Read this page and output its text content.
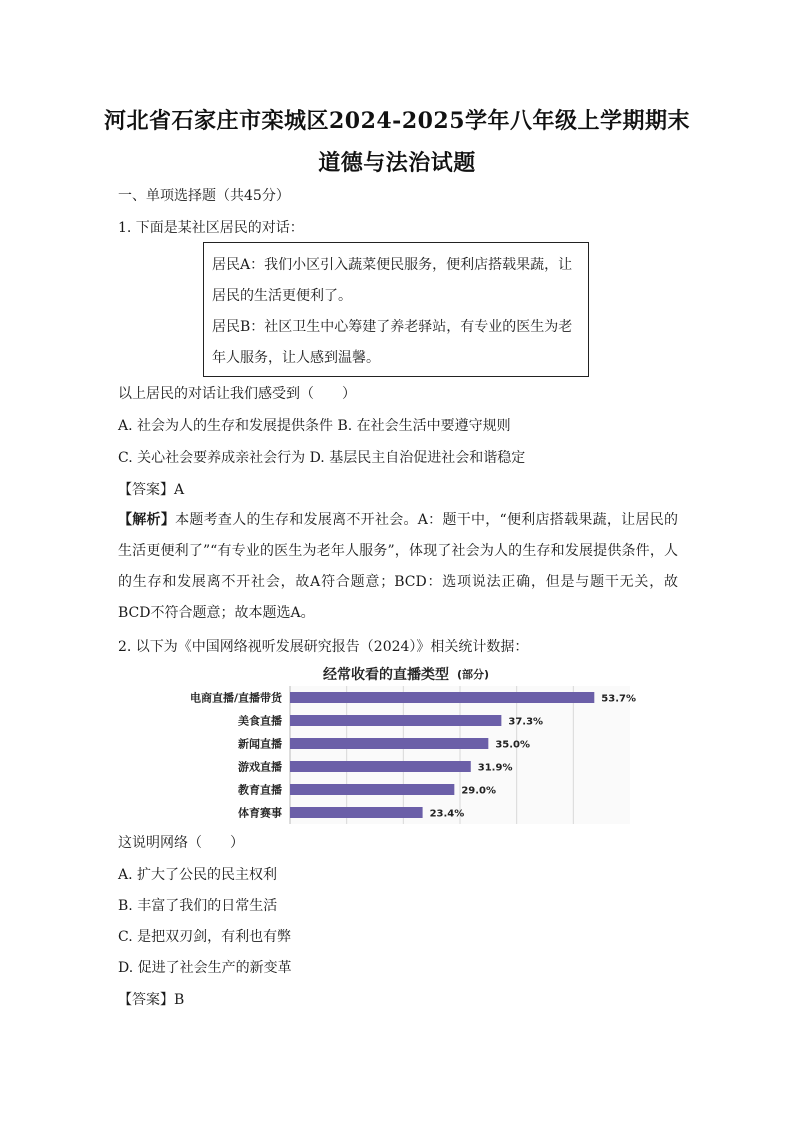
河北省石家庄市栾城区2024-2025学年八年级上学期期末
道德与法治试题
一、单项选择题（共45分）
1. 下面是某社区居民的对话：

居民A：我们小区引入蔬菜便民服务，便利店搭载果蔬，让居民的生活更便利了。

居民B：社区卫生中心筹建了养老驿站，有专业的医生为老年人服务，让人感到温馨。

以上居民的对话让我们感受到（　　）
A. 社会为人的生存和发展提供条件 B. 在社会生活中要遵守规则
C. 关心社会要养成亲社会行为 D. 基层民主自治促进社会和谐稳定
【答案】A
【解析】本题考查人的生存和发展离不开社会。A：题干中，“便利店搭载果蔬，让居民的生活更便利了”“有专业的医生为老年人服务”，体现了社会为人的生存和发展提供条件，人的生存和发展离不开社会，故A符合题意；BCD：选项说法正确，但是与题干无关，故BCD不符合题意；故本题选A。
2. 以下为《中国网络视听发展研究报告（2024）》相关统计数据：
经常收看的直播类型 (部分)
电商直播/直播带货	53.7%
美食直播	37.3%
新闻直播	35.0%
游戏直播	31.9%
教育直播	29.0%
体育赛事	23.4%
这说明网络（　　）
A. 扩大了公民的民主权利
B. 丰富了我们的日常生活
C. 是把双刃剑，有利也有弊
D. 促进了社会生产的新变革
【答案】B
